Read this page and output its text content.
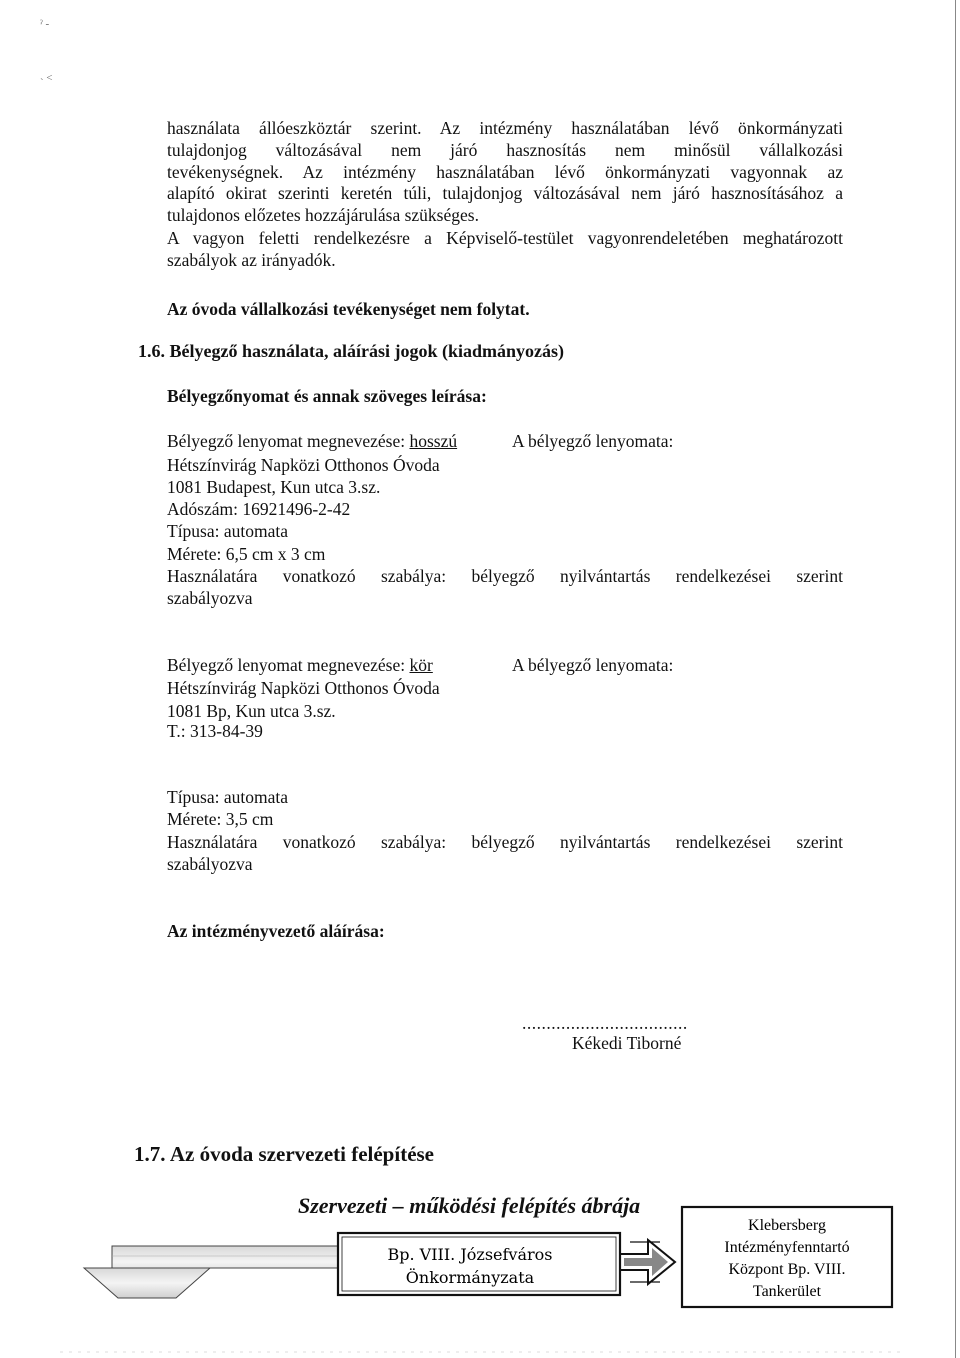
ˀ -
˴ ˂
használata állóeszköztár szerint. Az intézmény használatában lévő önkormányzati
tulajdonjog változásával nem járó hasznosítás nem minősül vállalkozási
tevékenységnek. Az intézmény használatában lévő önkormányzati vagyonnak az
alapító okirat szerinti keretén túli, tulajdonjog változásával nem járó hasznosításához a
tulajdonos előzetes hozzájárulása szükséges.
A vagyon feletti rendelkezésre a Képviselő-testület vagyonrendeletében meghatározott
szabályok az irányadók.
Az óvoda vállalkozási tevékenységet nem folytat.
1.6. Bélyegző használata, aláírási jogok (kiadmányozás)
Bélyegzőnyomat és annak szöveges leírása:
Bélyegző lenyomat megnevezése: hosszú	A bélyegző lenyomata:
Hétszínvirág Napközi Otthonos Óvoda
1081 Budapest, Kun utca 3.sz.
Adószám: 16921496-2-42
Típusa: automata
Mérete: 6,5 cm x 3 cm
Használatára vonatkozó szabálya: bélyegző nyilvántartás rendelkezései szerint
szabályozva
Bélyegző lenyomat megnevezése: kör	A bélyegző lenyomata:
Hétszínvirág Napközi Otthonos Óvoda
1081 Bp, Kun utca 3.sz.
T.: 313-84-39
Típusa: automata
Mérete: 3,5 cm
Használatára vonatkozó szabálya: bélyegző nyilvántartás rendelkezései szerint
szabályozva
Az intézményvezető aláírása:
..................................
Kékedi Tiborné
1.7. Az óvoda szervezeti felépítése
Szervezeti – működési felépítés ábrája
Bp. VIII. Józsefváros
Önkormányzata
Klebersberg
Intézményfenntartó
Központ Bp. VIII.
Tankerület
